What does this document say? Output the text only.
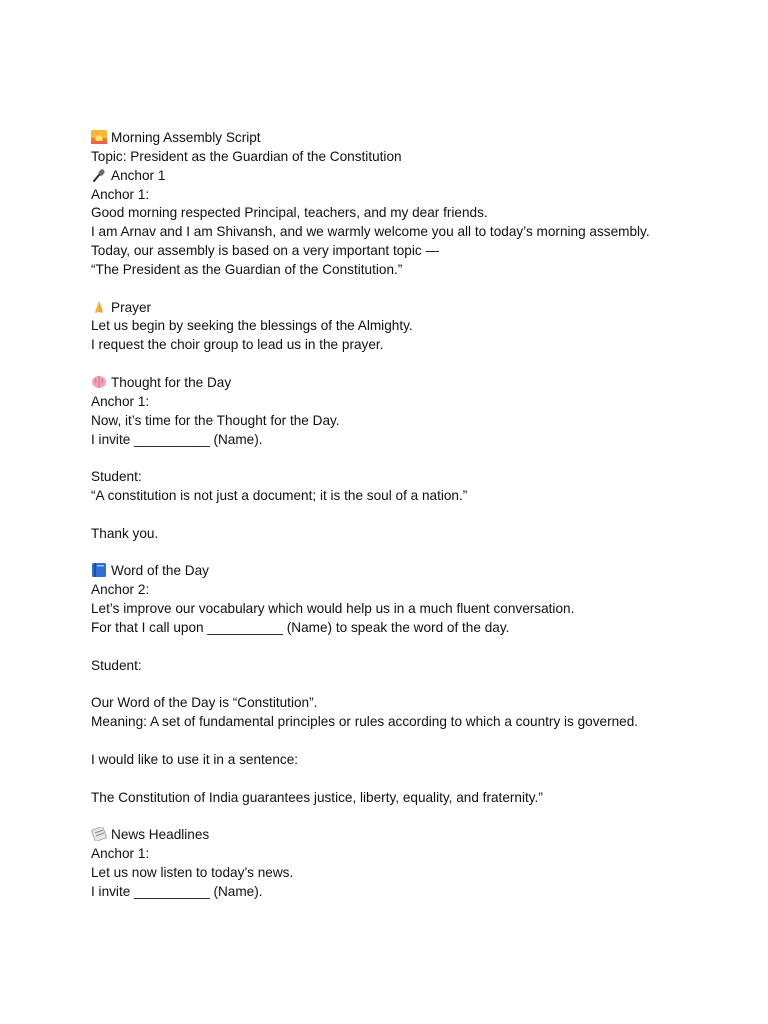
Morning Assembly Script
Topic: President as the Guardian of the Constitution
Anchor 1
Anchor 1:
Good morning respected Principal, teachers, and my dear friends.
I am Arnav and I am Shivansh, and we warmly welcome you all to today’s morning assembly.
Today, our assembly is based on a very important topic —
“The President as the Guardian of the Constitution.”
Prayer
Let us begin by seeking the blessings of the Almighty.
I request the choir group to lead us in the prayer.
Thought for the Day
Anchor 1:
Now, it’s time for the Thought for the Day.
I invite __________ (Name).
Student:
“A constitution is not just a document; it is the soul of a nation.”
Thank you.
Word of the Day
Anchor 2:
Let’s improve our vocabulary which would help us in a much fluent conversation.
For that I call upon __________ (Name) to speak the word of the day.
Student:
Our Word of the Day is “Constitution”.
Meaning: A set of fundamental principles or rules according to which a country is governed.
I would like to use it in a sentence:
The Constitution of India guarantees justice, liberty, equality, and fraternity.”
News Headlines
Anchor 1:
Let us now listen to today’s news.
I invite __________ (Name).
